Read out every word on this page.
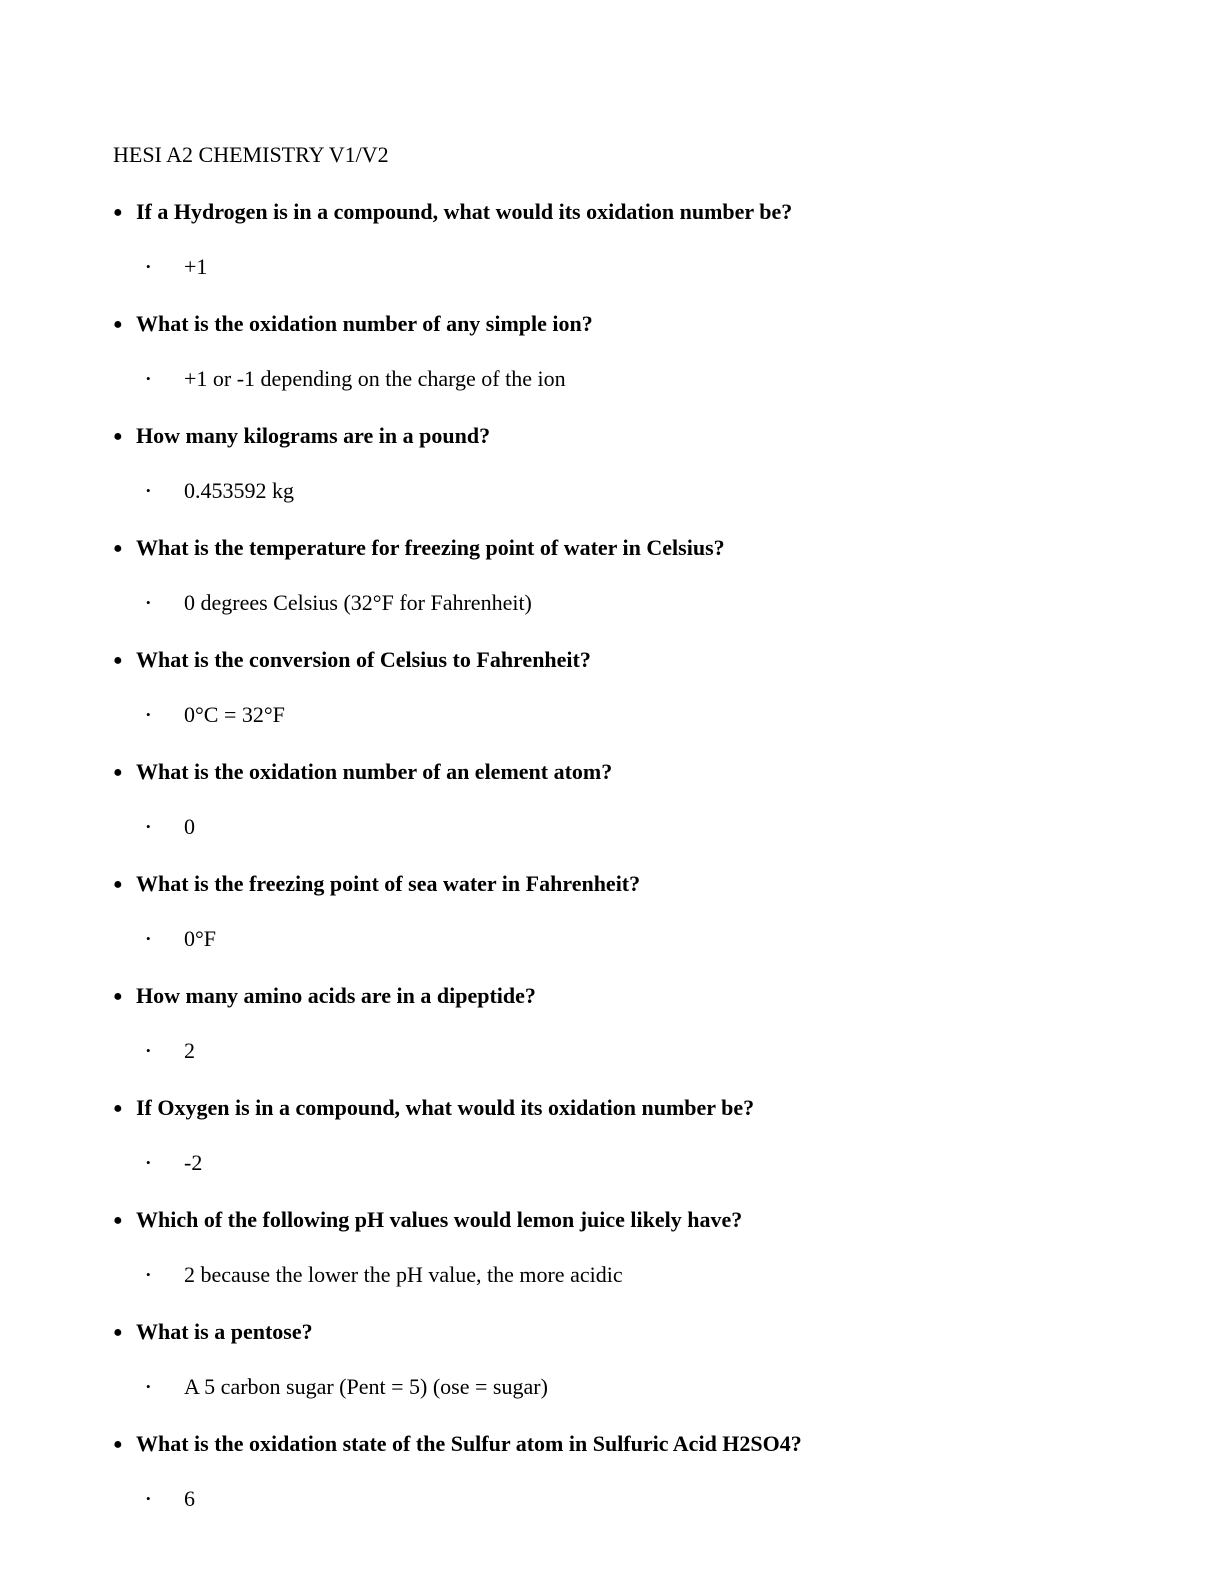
HESI A2 CHEMISTRY V1/V2
● If a Hydrogen is in a compound, what would its oxidation number be?
• +1
● What is the oxidation number of any simple ion?
• +1 or -1 depending on the charge of the ion
● How many kilograms are in a pound?
• 0.453592 kg
● What is the temperature for freezing point of water in Celsius?
• 0 degrees Celsius (32°F for Fahrenheit)
● What is the conversion of Celsius to Fahrenheit?
• 0°C = 32°F
● What is the oxidation number of an element atom?
• 0
● What is the freezing point of sea water in Fahrenheit?
• 0°F
● How many amino acids are in a dipeptide?
• 2
● If Oxygen is in a compound, what would its oxidation number be?
• -2
● Which of the following pH values would lemon juice likely have?
• 2 because the lower the pH value, the more acidic
● What is a pentose?
• A 5 carbon sugar (Pent = 5) (ose = sugar)
● What is the oxidation state of the Sulfur atom in Sulfuric Acid H2SO4?
• 6
